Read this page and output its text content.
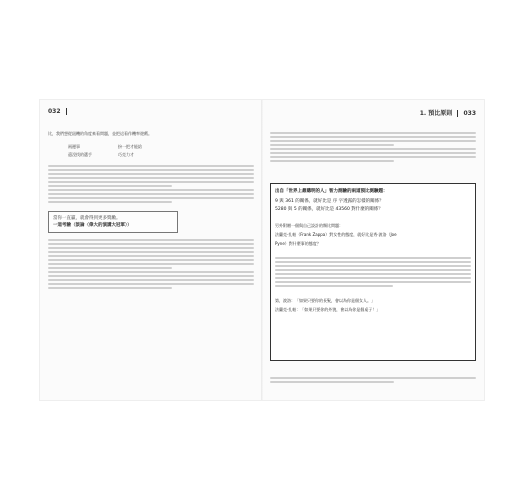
032

比，我們想從紐機的角度來看問題，並把這看作機率遊戲。

兩邊事	拚一把才能給
還沒找的選手	巧克力才
當你一直贏，就會得到更多獎勵。
一道考驗（談論〈偉大的演講大冠軍〉）
1. 預比原則 033
出自「世界上最聰明的人」智力測驗的兩道預比測驗題：
9 與 361 的關係，就好比是 序 字透露的怎樣的關係？
5280 與 5 的關係，就好比是 43560 對什麼的關係？
另外附贈一個與自己設計的類比問題：
法蘭克·扎帕（Frank Zappa）對女性的態度，就好比是秀·波洛（Joe
Pyne）對什麼事的態度？
第，波洛：「如果只要你的長髮，會以為你是個女人。」
法蘭克·扎帕：「如果只要你的外貌，會以為你是個桌子！」
